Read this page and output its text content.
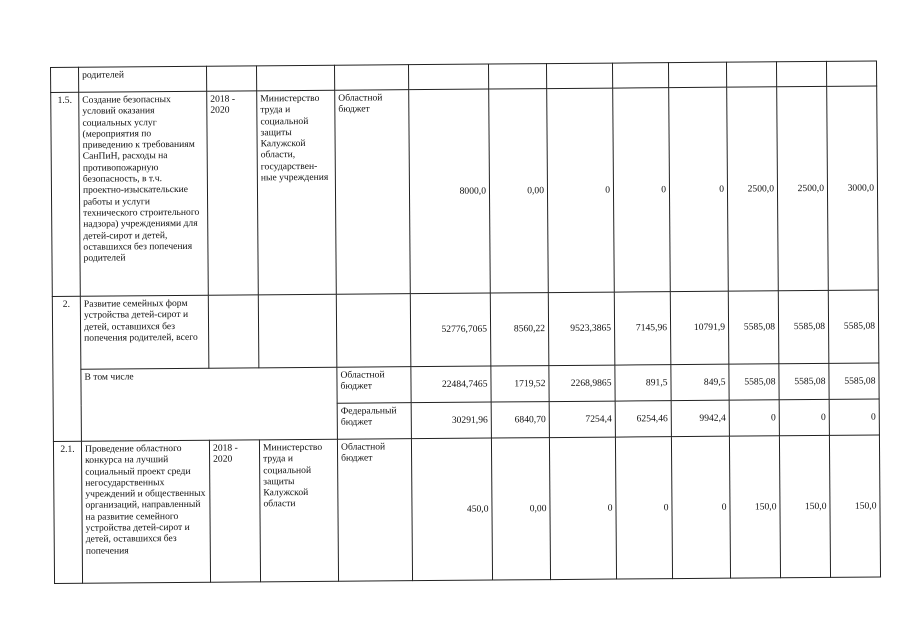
	родителей											
1.5.	Создание безопасных условий оказания социальных услуг (мероприятия по приведению к требованиям СанПиН, расходы на противопожарную безопасность, в т.ч. проектно-изыскательские работы и услуги технического строительного надзора) учреждениями для детей-сирот и детей, оставшихся без попечения родителей	2018 - 2020	Министерство труда и социальной защиты Калужской области, государствен-ные учреждения	Областной бюджет	8000,0	0,00	0	0	0	2500,0	2500,0	3000,0
2.	Развитие семейных форм устройства детей-сирот и детей, оставшихся без попечения родителей, всего				52776,7065	8560,22	9523,3865	7145,96	10791,9	5585,08	5585,08	5585,08
	В том числе			Областной бюджет	22484,7465	1719,52	2268,9865	891,5	849,5	5585,08	5585,08	5585,08
				Федеральный бюджет	30291,96	6840,70	7254,4	6254,46	9942,4	0	0	0
2.1.	Проведение областного конкурса на лучший социальный проект среди негосударственных учреждений и общественных организаций, направленный на развитие семейного устройства детей-сирот и детей, оставшихся без попечения	2018 - 2020	Министерство труда и социальной защиты Калужской области	Областной бюджет	450,0	0,00	0	0	0	150,0	150,0	150,0
